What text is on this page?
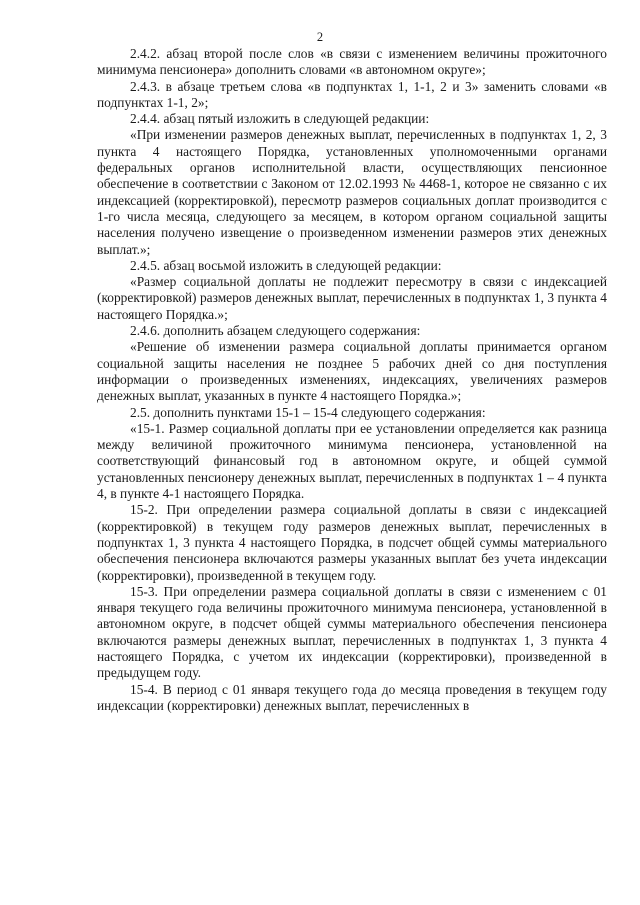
2

2.4.2. абзац второй после слов «в связи с изменением величины прожиточного минимума пенсионера» дополнить словами «в автономном округе»;

2.4.3. в абзаце третьем слова «в подпунктах 1, 1-1, 2 и 3» заменить словами «в подпунктах 1-1, 2»;

2.4.4. абзац пятый изложить в следующей редакции:

«При изменении размеров денежных выплат, перечисленных в подпунктах 1, 2, 3 пункта 4 настоящего Порядка, установленных уполномоченными органами федеральных органов исполнительной власти, осуществляющих пенсионное обеспечение в соответствии с Законом от 12.02.1993 № 4468-1, которое не связанно с их индексацией (корректировкой), пересмотр размеров социальных доплат производится с 1-го числа месяца, следующего за месяцем, в котором органом социальной защиты населения получено извещение о произведенном изменении размеров этих денежных выплат.»;

2.4.5. абзац восьмой изложить в следующей редакции:

«Размер социальной доплаты не подлежит пересмотру в связи с индексацией (корректировкой) размеров денежных выплат, перечисленных в подпунктах 1, 3 пункта 4 настоящего Порядка.»;

2.4.6. дополнить абзацем следующего содержания:

«Решение об изменении размера социальной доплаты принимается органом социальной защиты населения не позднее 5 рабочих дней со дня поступления информации о произведенных изменениях, индексациях, увеличениях размеров денежных выплат, указанных в пункте 4 настоящего Порядка.»;

2.5. дополнить пунктами 15-1 – 15-4 следующего содержания:

«15-1. Размер социальной доплаты при ее установлении определяется как разница между величиной прожиточного минимума пенсионера, установленной на соответствующий финансовый год в автономном округе, и общей суммой установленных пенсионеру денежных выплат, перечисленных в подпунктах 1 – 4 пункта 4, в пункте 4-1 настоящего Порядка.

15-2. При определении размера социальной доплаты в связи с индексацией (корректировкой) в текущем году размеров денежных выплат, перечисленных в подпунктах 1, 3 пункта 4 настоящего Порядка, в подсчет общей суммы материального обеспечения пенсионера включаются размеры указанных выплат без учета индексации (корректировки), произведенной в текущем году.

15-3. При определении размера социальной доплаты в связи с изменением с 01 января текущего года величины прожиточного минимума пенсионера, установленной в автономном округе, в подсчет общей суммы материального обеспечения пенсионера включаются размеры денежных выплат, перечисленных в подпунктах 1, 3 пункта 4 настоящего Порядка, с учетом их индексации (корректировки), произведенной в предыдущем году.

15-4. В период с 01 января текущего года до месяца проведения в текущем году индексации (корректировки) денежных выплат, перечисленных в
